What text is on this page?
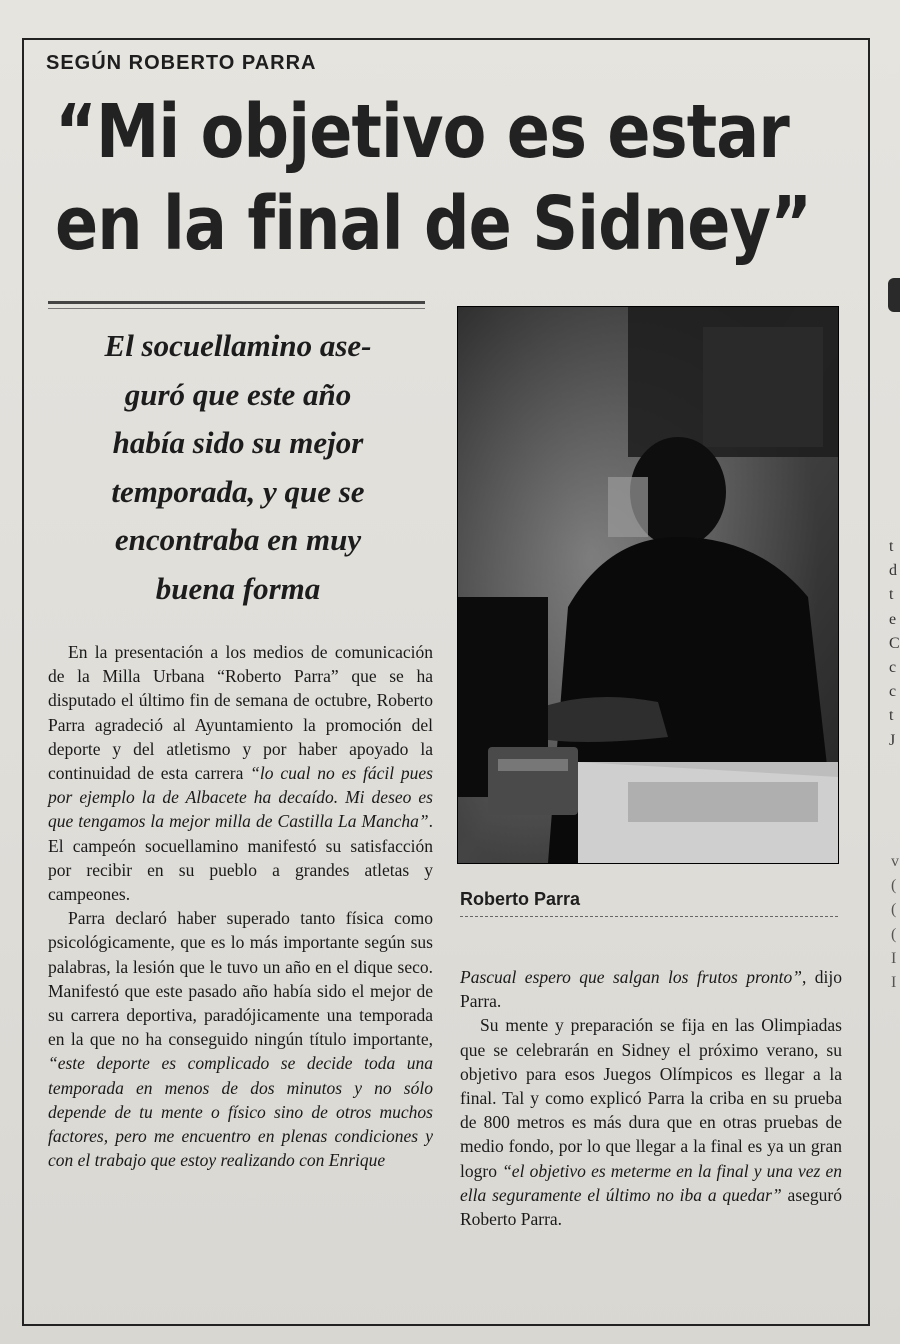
SEGÚN ROBERTO PARRA
“Mi objetivo es estar
en la final de Sidney”
El socuellamino ase-
guró que este año
había sido su mejor
temporada, y que se
encontraba en muy
buena forma

En la presentación a los medios de comunicación de la Milla Urbana “Roberto Parra” que se ha disputado el último fin de semana de octubre, Roberto Parra agradeció al Ayuntamiento la promoción del deporte y del atletismo y por haber apoyado la continuidad de esta carrera “lo cual no es fácil pues por ejemplo la de Albacete ha decaído. Mi deseo es que tengamos la mejor milla de Castilla La Mancha”. El campeón socuellamino manifestó su satisfacción por recibir en su pueblo a grandes atletas y campeones.

Parra declaró haber superado tanto física como psicológicamente, que es lo más importante según sus palabras, la lesión que le tuvo un año en el dique seco. Manifestó que este pasado año había sido el mejor de su carrera deportiva, paradójicamente una temporada en la que no ha conseguido ningún título importante, “este deporte es complicado se decide toda una temporada en menos de dos minutos y no sólo depende de tu mente o físico sino de otros muchos factores, pero me encuentro en plenas condiciones y con el trabajo que estoy realizando con Enrique

Roberto Parra

Pascual espero que salgan los frutos pronto”, dijo Parra.

Su mente y preparación se fija en las Olimpiadas que se celebrarán en Sidney el próximo verano, su objetivo para esos Juegos Olímpicos es llegar a la final. Tal y como explicó Parra la criba en su prueba de 800 metros es más dura que en otras pruebas de medio fondo, por lo que llegar a la final es ya un gran logro “el objetivo es meterme en la final y una vez en ella seguramente el último no iba a quedar” aseguró Roberto Parra.

t
d
t
e
C
c
c
t
J
v
(
(
(
I
I
